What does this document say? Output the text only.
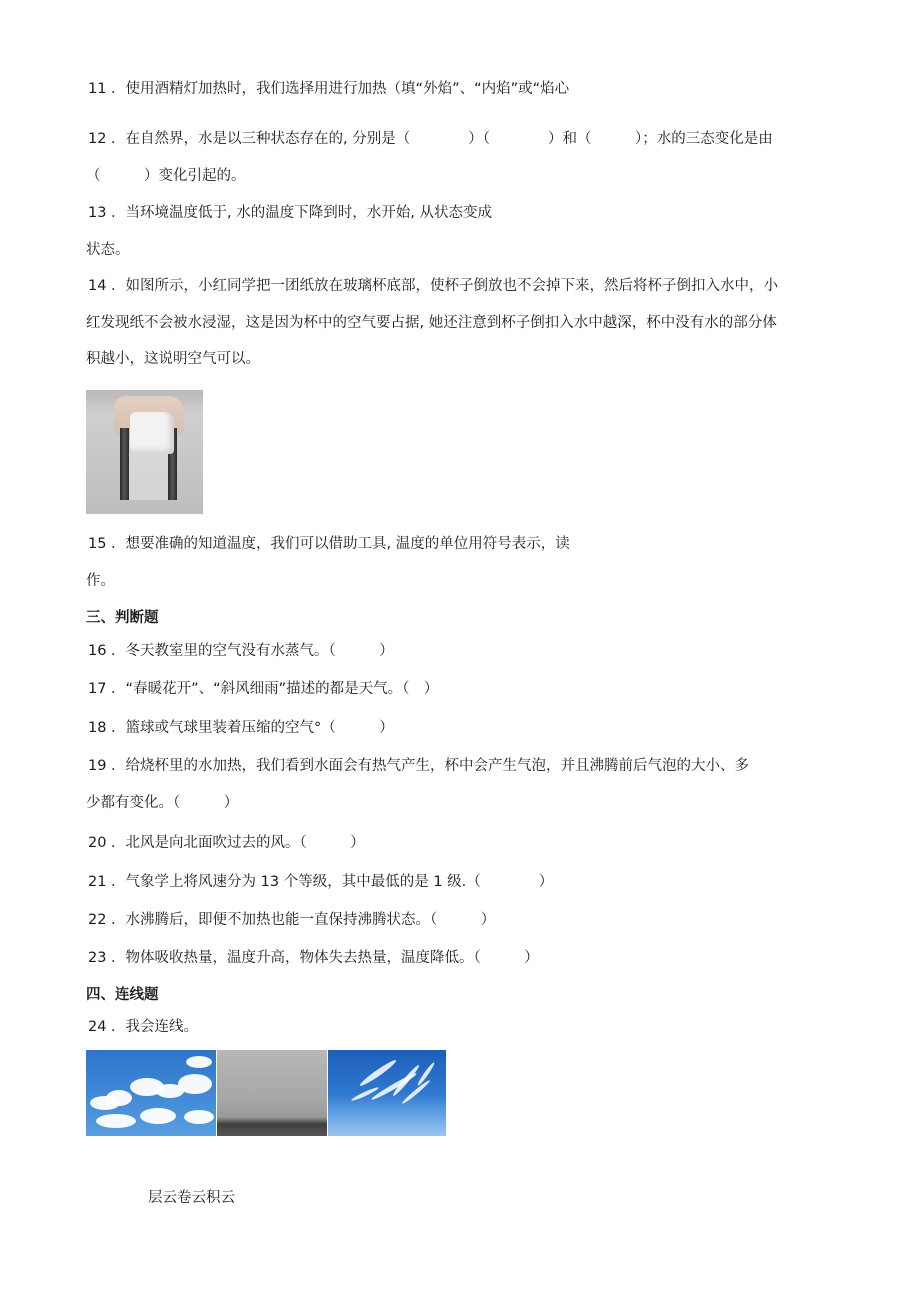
11 ．使用酒精灯加热时，我们选择用进行加热（填“外焰”、“内焰”或“焰心
12 ．在自然界，水是以三种状态存在的, 分别是（　　　　）（　　　　）和（　　　）；水的三态变化是由
（　　　）变化引起的。
13 ．当环境温度低于, 水的温度下降到时，水开始, 从状态变成
状态。
14 ．如图所示，小红同学把一团纸放在玻璃杯底部，使杯子倒放也不会掉下来，然后将杯子倒扣入水中，小
红发现纸不会被水浸湿，这是因为杯中的空气要占据, 她还注意到杯子倒扣入水中越深，杯中没有水的部分体
积越小，这说明空气可以。
15 ．想要准确的知道温度，我们可以借助工具, 温度的单位用符号表示，读
作。
三、判断题
16 ．冬天教室里的空气没有水蒸气。（　　　）
17 ．“春暖花开”、“斜风细雨”描述的都是天气。（　）
18 ．篮球或气球里装着压缩的空气°（　　　）
19 ．给烧杯里的水加热，我们看到水面会有热气产生，杯中会产生气泡，并且沸腾前后气泡的大小、多
少都有变化。（　　　）
20 ．北风是向北面吹过去的风。（　　　）
21 ．气象学上将风速分为 13 个等级，其中最低的是 1 级.（　　　　）
22 ．水沸腾后，即便不加热也能一直保持沸腾状态。（　　　）
23 ．物体吸收热量，温度升高，物体失去热量，温度降低。（　　　）
四、连线题
24 ．我会连线。
层云卷云积云
